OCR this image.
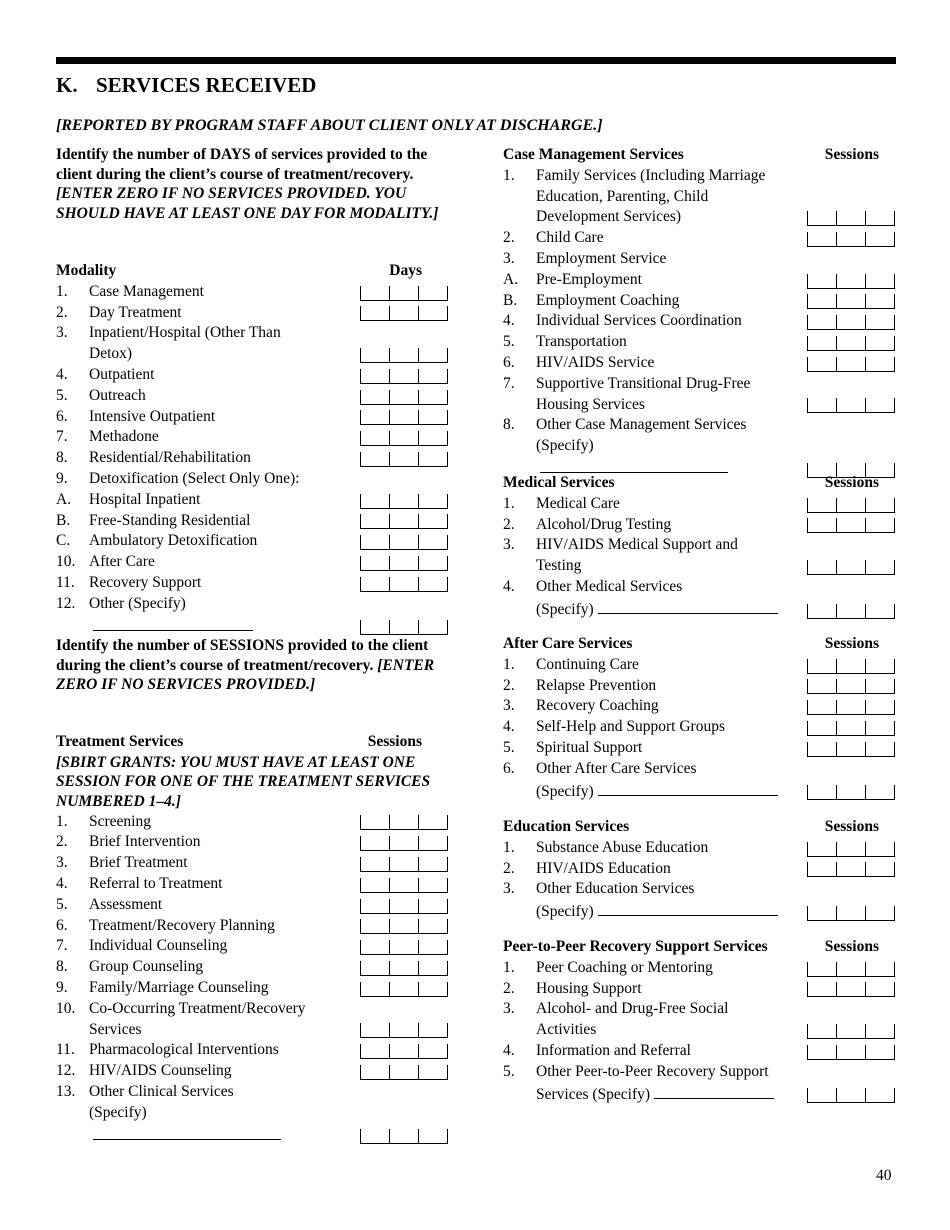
K. SERVICES RECEIVED
[REPORTED BY PROGRAM STAFF ABOUT CLIENT ONLY AT DISCHARGE.]
Identify the number of DAYS of services provided to the client during the client’s course of treatment/recovery. [ENTER ZERO IF NO SERVICES PROVIDED. YOU SHOULD HAVE AT LEAST ONE DAY FOR MODALITY.]
Modality	Days
1. Case Management
2. Day Treatment
3. Inpatient/Hospital (Other Than
Detox)
4. Outpatient
5. Outreach
6. Intensive Outpatient
7. Methadone
8. Residential/Rehabilitation
9. Detoxification (Select Only One):
A. Hospital Inpatient
B. Free-Standing Residential
C. Ambulatory Detoxification
10. After Care
11. Recovery Support
12. Other (Specify)
Identify the number of SESSIONS provided to the client during the client’s course of treatment/recovery. [ENTER ZERO IF NO SERVICES PROVIDED.]
Treatment Services	Sessions
[SBIRT GRANTS: YOU MUST HAVE AT LEAST ONE SESSION FOR ONE OF THE TREATMENT SERVICES NUMBERED 1–4.]
1. Screening
2. Brief Intervention
3. Brief Treatment
4. Referral to Treatment
5. Assessment
6. Treatment/Recovery Planning
7. Individual Counseling
8. Group Counseling
9. Family/Marriage Counseling
10. Co-Occurring Treatment/Recovery
Services
11. Pharmacological Interventions
12. HIV/AIDS Counseling
13. Other Clinical Services
(Specify)
Case Management Services	Sessions
1. Family Services (Including Marriage
Education, Parenting, Child
Development Services)
2. Child Care
3. Employment Service
A. Pre-Employment
B. Employment Coaching
4. Individual Services Coordination
5. Transportation
6. HIV/AIDS Service
7. Supportive Transitional Drug-Free
Housing Services
8. Other Case Management Services
(Specify)
Medical Services	Sessions
1. Medical Care
2. Alcohol/Drug Testing
3. HIV/AIDS Medical Support and
Testing
4. Other Medical Services
(Specify)
After Care Services	Sessions
1. Continuing Care
2. Relapse Prevention
3. Recovery Coaching
4. Self-Help and Support Groups
5. Spiritual Support
6. Other After Care Services
(Specify)
Education Services	Sessions
1. Substance Abuse Education
2. HIV/AIDS Education
3. Other Education Services
(Specify)
Peer-to-Peer Recovery Support Services	Sessions
1. Peer Coaching or Mentoring
2. Housing Support
3. Alcohol- and Drug-Free Social
Activities
4. Information and Referral
5. Other Peer-to-Peer Recovery Support
Services (Specify)
40
